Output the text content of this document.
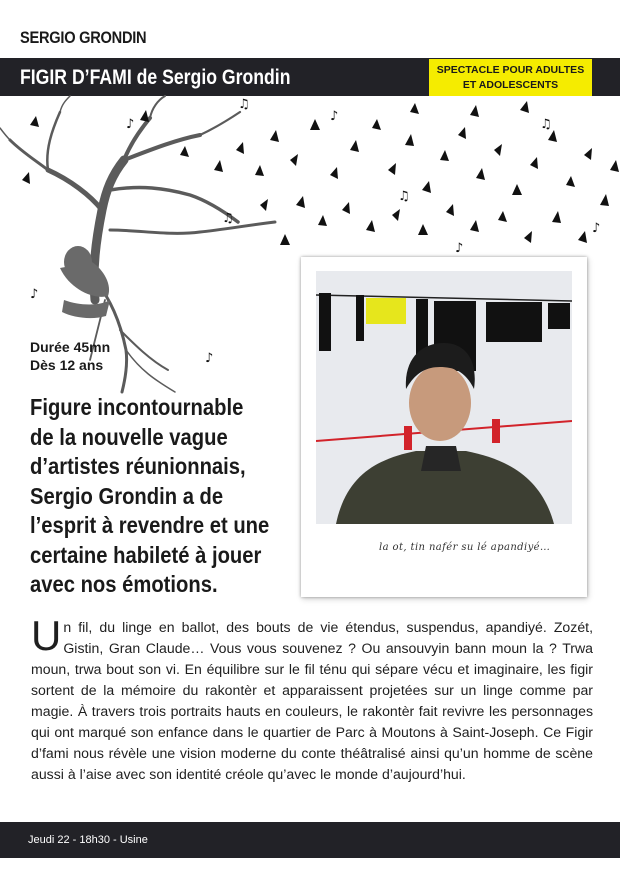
SERGIO GRONDIN
FIGIR D’FAMI de Sergio Grondin	SPECTACLE POUR ADULTES
ET ADOLESCENTS
♪
♫
♪
♫
♪
♫
♪
♪
♪
♫
Durée 45mn
Dès 12 ans
Figure incontournable
de la nouvelle vague
d’artistes réunionnais,
Sergio Grondin a de
l’esprit à revendre et une
certaine habileté à jouer
avec nos émotions.
la ot, tin nafér su lé apandiyé…
Un fil, du linge en ballot, des bouts de vie étendus, suspendus, apandiyé. Zozét, Gistin, Gran Claude… Vous vous souvenez ? Ou ansouvyin bann moun la ? Trwa moun, trwa bout son vi. En équilibre sur le fil ténu qui sépare vécu et imaginaire, les figir sortent de la mémoire du rakontèr et apparaissent projetées sur un linge comme par magie. À travers trois portraits hauts en couleurs, le rakontèr fait revivre les personnages qui ont marqué son enfance dans le quartier de Parc à Moutons à Saint-Joseph. Ce Figir d’fami nous révèle une vision moderne du conte théâtralisé ainsi qu’un homme de scène aussi à l’aise avec son identité créole qu’avec le monde d’aujourd’hui.
Jeudi 22 - 18h30 - Usine
